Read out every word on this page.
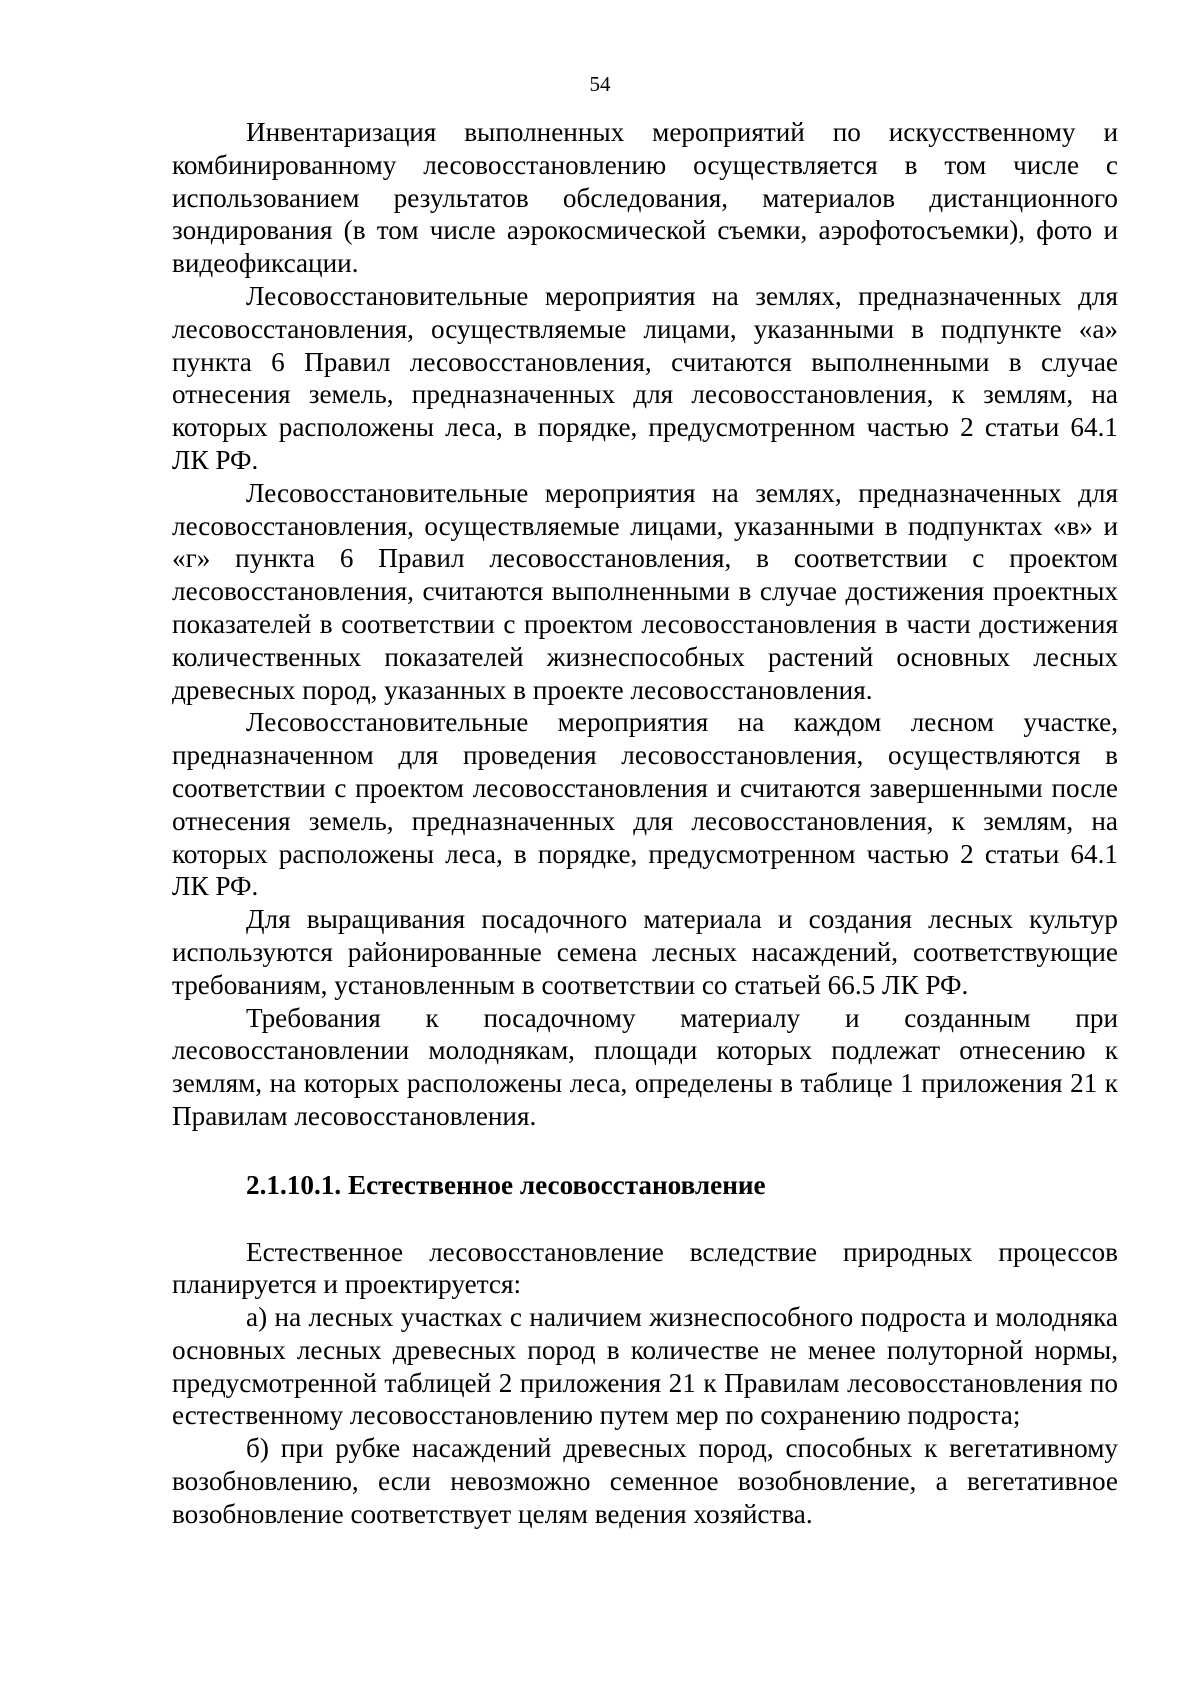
54

Инвентаризация выполненных мероприятий по искусственному и комбинированному лесовосстановлению осуществляется в том числе с использованием результатов обследования, материалов дистанционного зондирования (в том числе аэрокосмической съемки, аэрофотосъемки), фото и видеофиксации.

Лесовосстановительные мероприятия на землях, предназначенных для лесовосстановления, осуществляемые лицами, указанными в подпункте «а» пункта 6 Правил лесовосстановления, считаются выполненными в случае отнесения земель, предназначенных для лесовосстановления, к землям, на которых расположены леса, в порядке, предусмотренном частью 2 статьи 64.1 ЛК РФ.

Лесовосстановительные мероприятия на землях, предназначенных для лесовосстановления, осуществляемые лицами, указанными в подпунктах «в» и «г» пункта 6 Правил лесовосстановления, в соответствии с проектом лесовосстановления, считаются выполненными в случае достижения проектных показателей в соответствии с проектом лесовосстановления в части достижения количественных показателей жизнеспособных растений основных лесных древесных пород, указанных в проекте лесовосстановления.

Лесовосстановительные мероприятия на каждом лесном участке, предназначенном для проведения лесовосстановления, осуществляются в соответствии с проектом лесовосстановления и считаются завершенными после отнесения земель, предназначенных для лесовосстановления, к землям, на которых расположены леса, в порядке, предусмотренном частью 2 статьи 64.1 ЛК РФ.

Для выращивания посадочного материала и создания лесных культур используются районированные семена лесных насаждений, соответствующие требованиям, установленным в соответствии со статьей 66.5 ЛК РФ.

Требования к посадочному материалу и созданным при лесовосстановлении молоднякам, площади которых подлежат отнесению к землям, на которых расположены леса, определены в таблице 1 приложения 21 к Правилам лесовосстановления.

2.1.10.1. Естественное лесовосстановление

Естественное лесовосстановление вследствие природных процессов планируется и проектируется:

а) на лесных участках с наличием жизнеспособного подроста и молодняка основных лесных древесных пород в количестве не менее полуторной нормы, предусмотренной таблицей 2 приложения 21 к Правилам лесовосстановления по естественному лесовосстановлению путем мер по сохранению подроста;

б) при рубке насаждений древесных пород, способных к вегетативному возобновлению, если невозможно семенное возобновление, а вегетативное возобновление соответствует целям ведения хозяйства.
